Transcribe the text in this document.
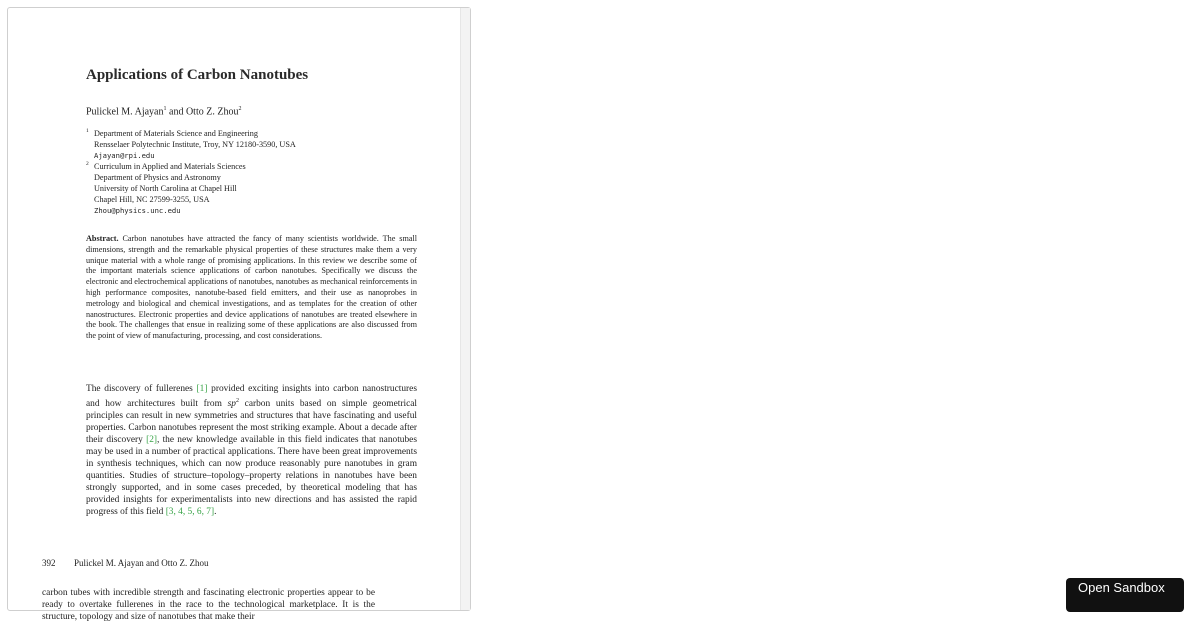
Applications of Carbon Nanotubes
Pulickel M. Ajayan$^1$ and Otto Z. Zhou$^2$
1 Department of Materials Science and Engineering
Rensselaer Polytechnic Institute, Troy, NY 12180-3590, USA
Ajayan@rpi.edu
2 Curriculum in Applied and Materials Sciences
Department of Physics and Astronomy
University of North Carolina at Chapel Hill
Chapel Hill, NC 27599-3255, USA
Zhou@physics.unc.edu
Abstract. Carbon nanotubes have attracted the fancy of many scientists worldwide. The small dimensions, strength and the remarkable physical properties of these structures make them a very unique material with a whole range of promising applications. In this review we describe some of the important materials science applications of carbon nanotubes. Specifically we discuss the electronic and electrochemical applications of nanotubes, nanotubes as mechanical reinforcements in high performance composites, nanotube-based field emitters, and their use as nanoprobes in metrology and biological and chemical investigations, and as templates for the creation of other nanostructures. Electronic properties and device applications of nanotubes are treated elsewhere in the book. The challenges that ensue in realizing some of these applications are also discussed from the point of view of manufacturing, processing, and cost considerations.
The discovery of fullerenes [1] provided exciting insights into carbon nanostructures and how architectures built from $sp^2$ carbon units based on simple geometrical principles can result in new symmetries and structures that have fascinating and useful properties. Carbon nanotubes represent the most striking example. About a decade after their discovery [2], the new knowledge available in this field indicates that nanotubes may be used in a number of practical applications. There have been great improvements in synthesis techniques, which can now produce reasonably pure nanotubes in gram quantities. Studies of structure–topology–property relations in nanotubes have been strongly supported, and in some cases preceded, by theoretical modeling that has provided insights for experimentalists into new directions and has assisted the rapid progress of this field [3, 4, 5, 6, 7].
392 Pulickel M. Ajayan and Otto Z. Zhou
carbon tubes with incredible strength and fascinating electronic properties appear to be ready to overtake fullerenes in the race to the technological marketplace. It is the structure, topology and size of nanotubes that make their
Open Sandbox
